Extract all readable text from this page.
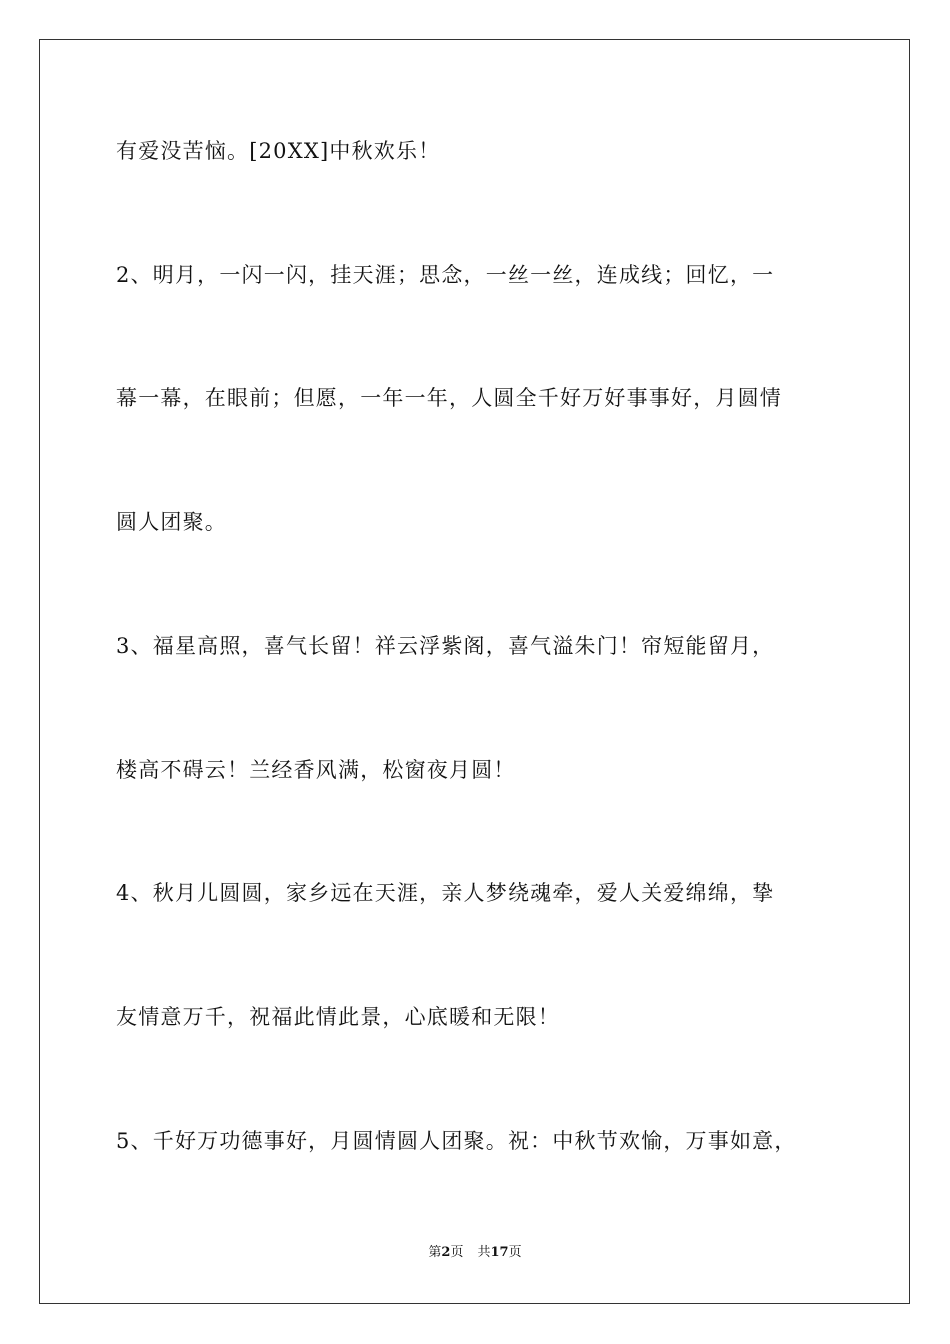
有爱没苦恼。[20XX]中秋欢乐！
2、明月，一闪一闪，挂天涯；思念，一丝一丝，连成线；回忆，一
幕一幕，在眼前；但愿，一年一年，人圆全千好万好事事好，月圆情
圆人团聚。
3、福星高照，喜气长留！祥云浮紫阁，喜气溢朱门！帘短能留月，
楼高不碍云！兰经香风满，松窗夜月圆！
4、秋月儿圆圆，家乡远在天涯，亲人梦绕魂牵，爱人关爱绵绵，挚
友情意万千，祝福此情此景，心底暖和无限！
5、千好万功德事好，月圆情圆人团聚。祝：中秋节欢愉，万事如意，
第2页 共17页
